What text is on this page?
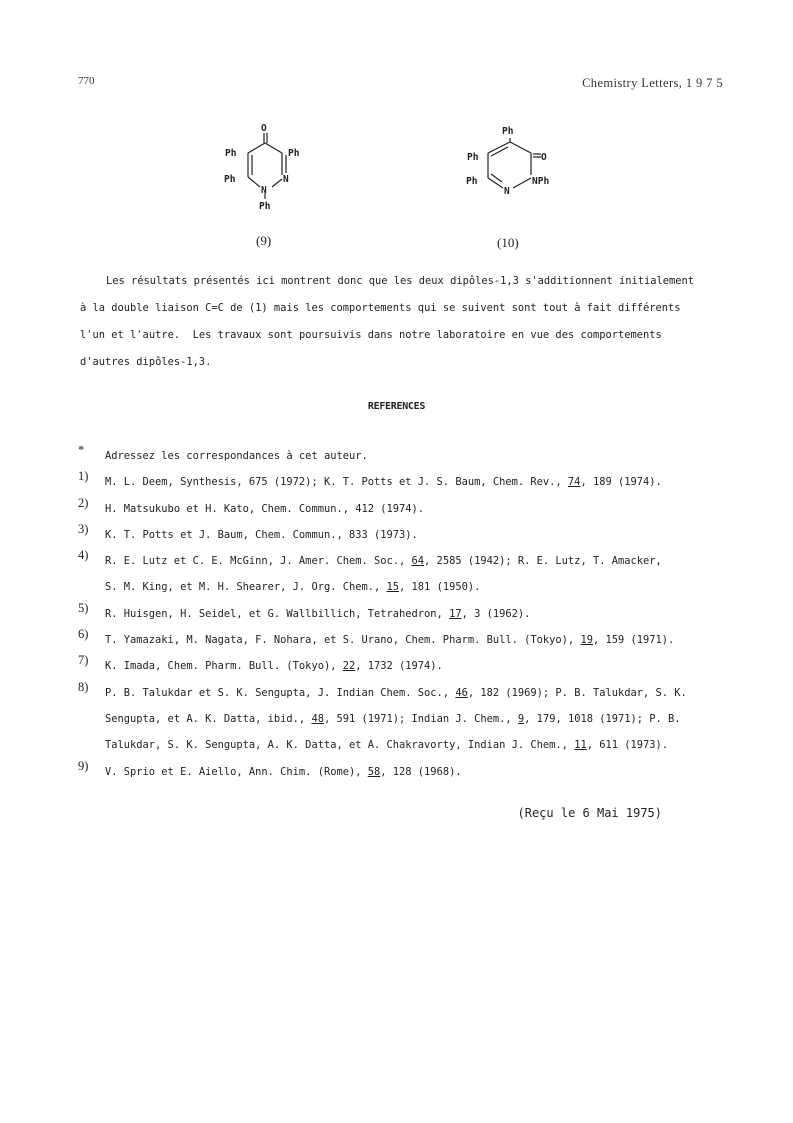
770	Chemistry Letters, 1 9 7 5
O
Ph	Ph
Ph
N
N
Ph
(9)
Ph
Ph	O
Ph	NPh
N
(10)
Les résultats présentés ici montrent donc que les deux dipôles-1,3 s'additionnent initialement
à la double liaison C=C de (1) mais les comportements qui se suivent sont tout à fait différents
l'un et l'autre.  Les travaux sont poursuivis dans notre laboratoire en vue des comportements
d'autres dipôles-1,3.
REFERENCES
*	Adressez les correspondances à cet auteur.
1)	M. L. Deem, Synthesis, 675 (1972); K. T. Potts et J. S. Baum, Chem. Rev., 74, 189 (1974).
2)	H. Matsukubo et H. Kato, Chem. Commun., 412 (1974).
3)	K. T. Potts et J. Baum, Chem. Commun., 833 (1973).
4)	R. E. Lutz et C. E. McGinn, J. Amer. Chem. Soc., 64, 2585 (1942); R. E. Lutz, T. Amacker,
S. M. King, et M. H. Shearer, J. Org. Chem., 15, 181 (1950).
5)	R. Huisgen, H. Seidel, et G. Wallbillich, Tetrahedron, 17, 3 (1962).
6)	T. Yamazaki, M. Nagata, F. Nohara, et S. Urano, Chem. Pharm. Bull. (Tokyo), 19, 159 (1971).
7)	K. Imada, Chem. Pharm. Bull. (Tokyo), 22, 1732 (1974).
8)	P. B. Talukdar et S. K. Sengupta, J. Indian Chem. Soc., 46, 182 (1969); P. B. Talukdar, S. K.
Sengupta, et A. K. Datta, ibid., 48, 591 (1971); Indian J. Chem., 9, 179, 1018 (1971); P. B.
Talukdar, S. K. Sengupta, A. K. Datta, et A. Chakravorty, Indian J. Chem., 11, 611 (1973).
9)	V. Sprio et E. Aiello, Ann. Chim. (Rome), 58, 128 (1968).
(Reçu le 6 Mai 1975)
